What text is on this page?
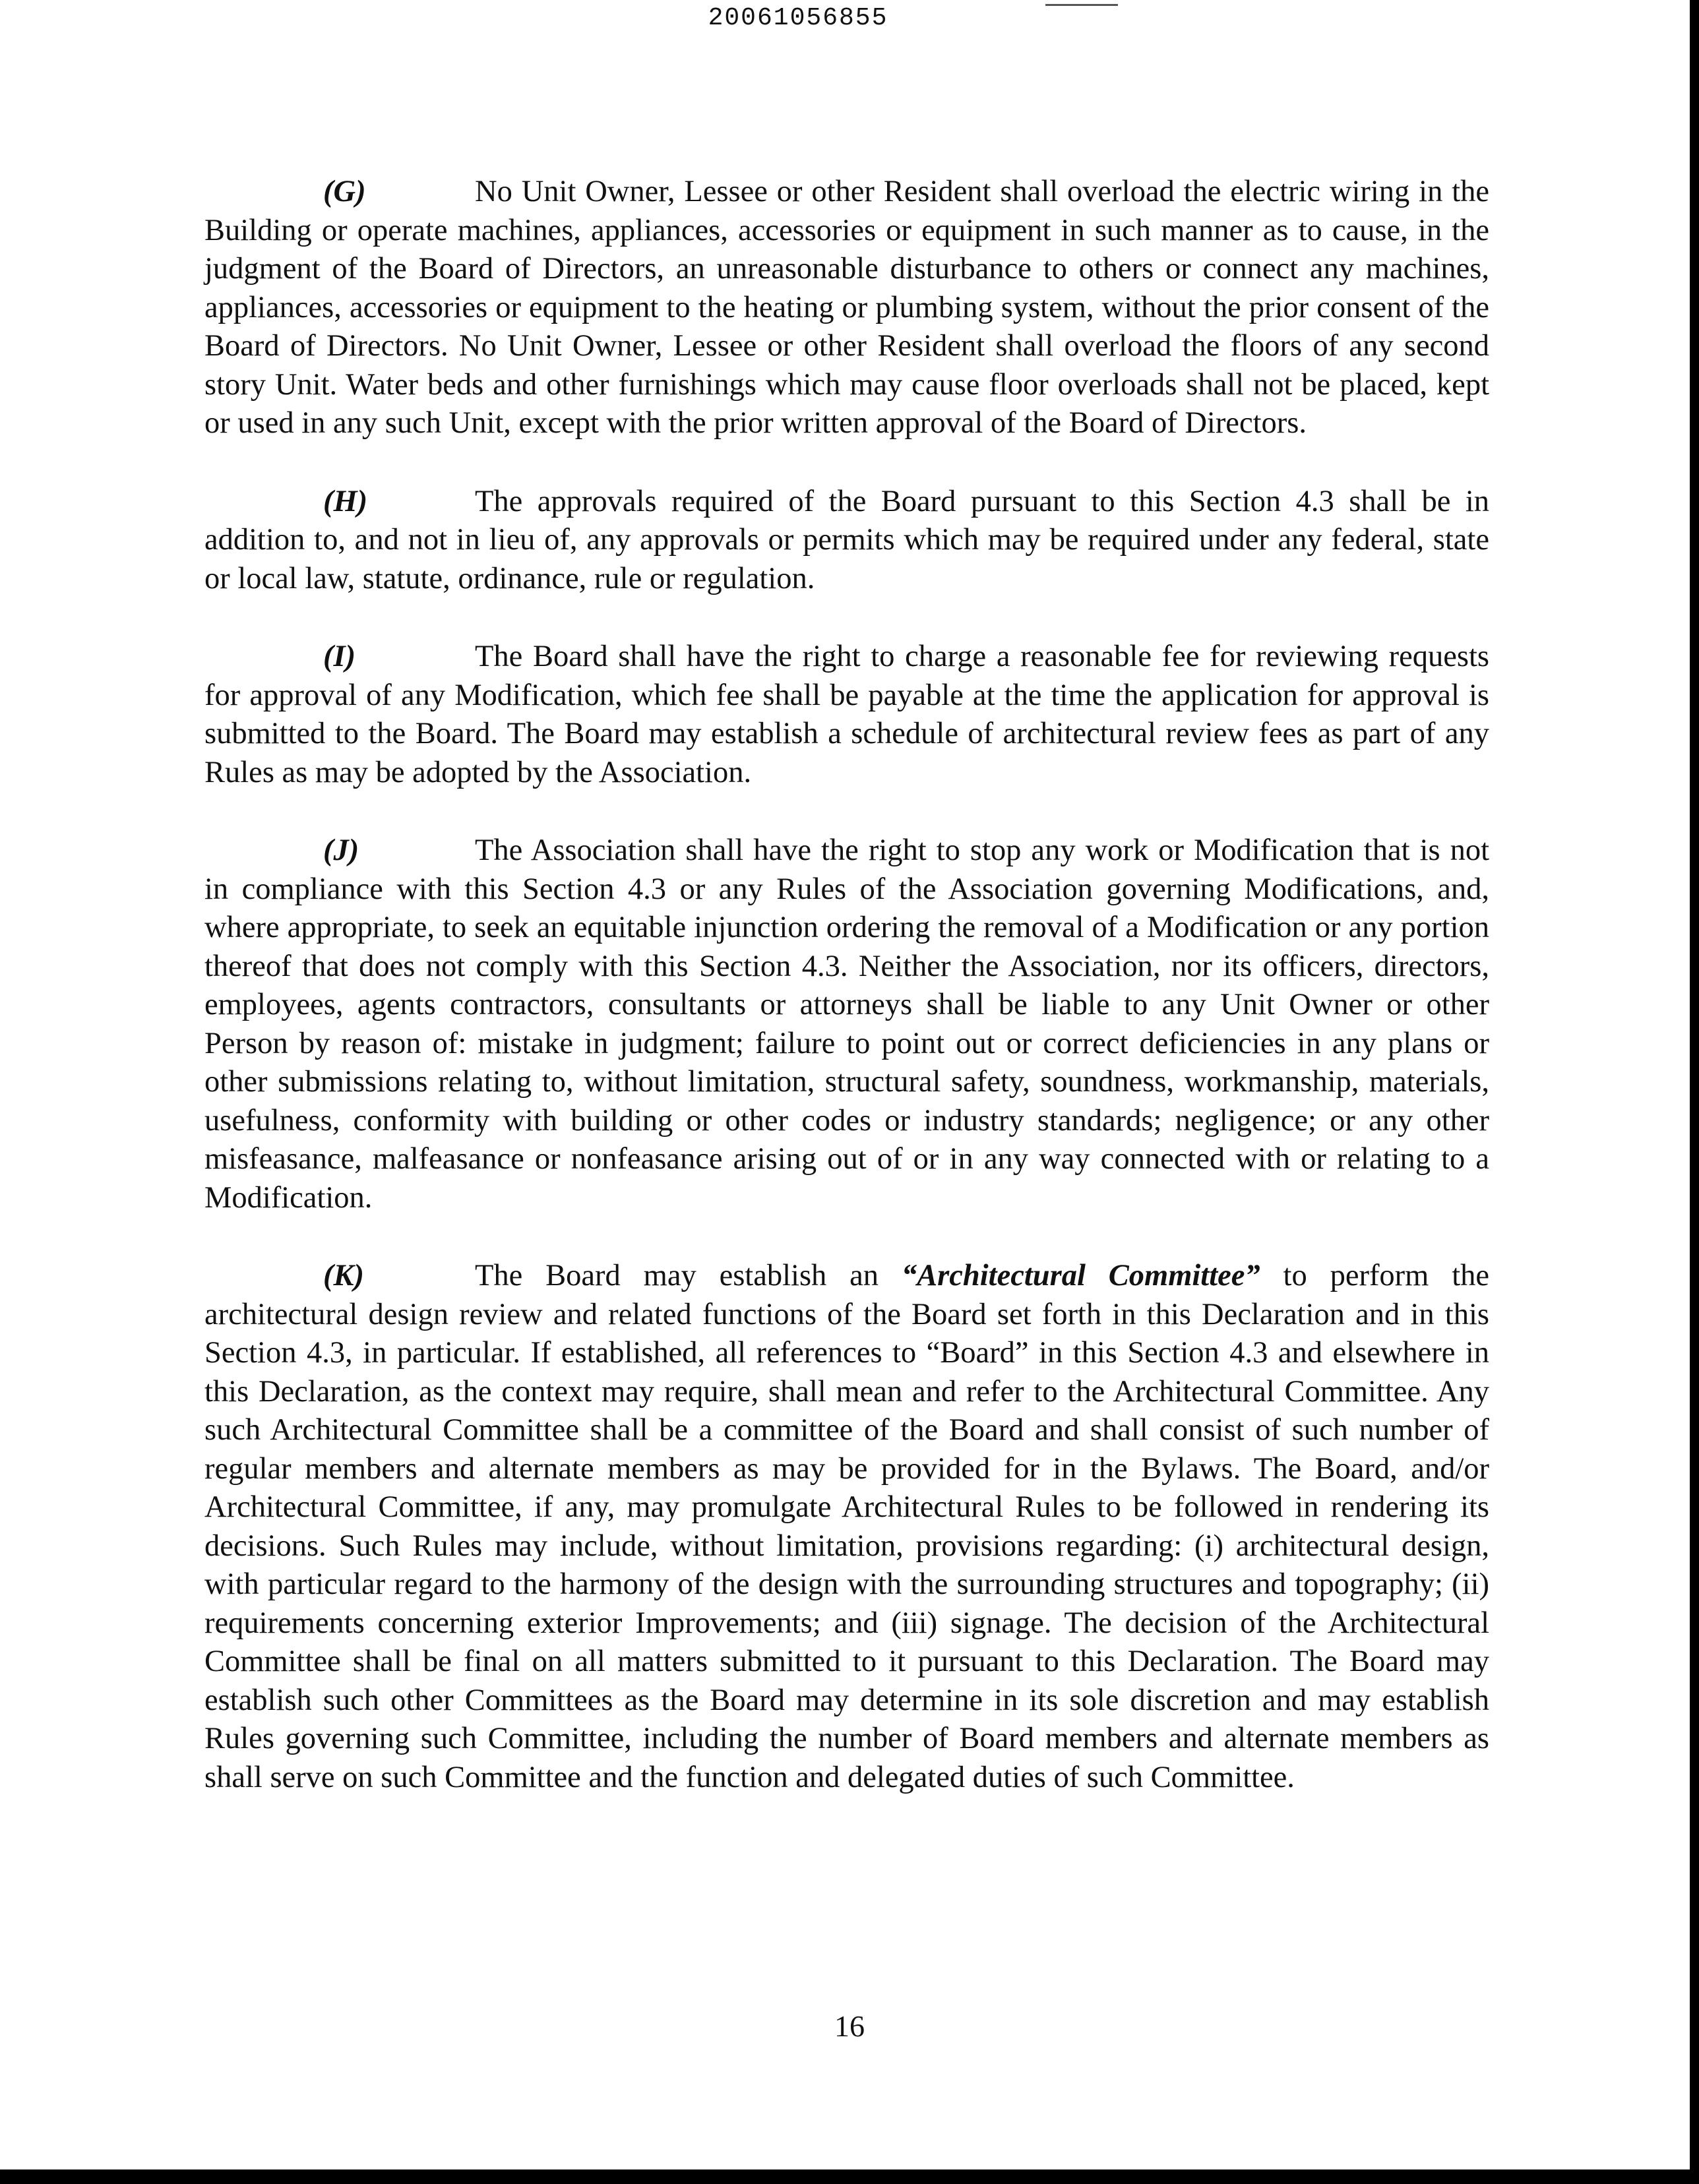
20061056855

(G)	No Unit Owner, Lessee or other Resident shall overload the electric wiring in the Building or operate machines, appliances, accessories or equipment in such manner as to cause, in the judgment of the Board of Directors, an unreasonable disturbance to others or connect any machines, appliances, accessories or equipment to the heating or plumbing system, without the prior consent of the Board of Directors. No Unit Owner, Lessee or other Resident shall overload the floors of any second story Unit. Water beds and other furnishings which may cause floor overloads shall not be placed, kept or used in any such Unit, except with the prior written approval of the Board of Directors.

(H)	The approvals required of the Board pursuant to this Section 4.3 shall be in addition to, and not in lieu of, any approvals or permits which may be required under any federal, state or local law, statute, ordinance, rule or regulation.

(I)	The Board shall have the right to charge a reasonable fee for reviewing requests for approval of any Modification, which fee shall be payable at the time the application for approval is submitted to the Board. The Board may establish a schedule of architectural review fees as part of any Rules as may be adopted by the Association.

(J)	The Association shall have the right to stop any work or Modification that is not in compliance with this Section 4.3 or any Rules of the Association governing Modifications, and, where appropriate, to seek an equitable injunction ordering the removal of a Modification or any portion thereof that does not comply with this Section 4.3. Neither the Association, nor its officers, directors, employees, agents contractors, consultants or attorneys shall be liable to any Unit Owner or other Person by reason of: mistake in judgment; failure to point out or correct deficiencies in any plans or other submissions relating to, without limitation, structural safety, soundness, workmanship, materials, usefulness, conformity with building or other codes or industry standards; negligence; or any other misfeasance, malfeasance or nonfeasance arising out of or in any way connected with or relating to a Modification.

(K)	The Board may establish an “Architectural Committee” to perform the architectural design review and related functions of the Board set forth in this Declaration and in this Section 4.3, in particular. If established, all references to “Board” in this Section 4.3 and elsewhere in this Declaration, as the context may require, shall mean and refer to the Architectural Committee. Any such Architectural Committee shall be a committee of the Board and shall consist of such number of regular members and alternate members as may be provided for in the Bylaws. The Board, and/or Architectural Committee, if any, may promulgate Architectural Rules to be followed in rendering its decisions. Such Rules may include, without limitation, provisions regarding: (i) architectural design, with particular regard to the harmony of the design with the surrounding structures and topography; (ii) requirements concerning exterior Improvements; and (iii) signage. The decision of the Architectural Committee shall be final on all matters submitted to it pursuant to this Declaration. The Board may establish such other Committees as the Board may determine in its sole discretion and may establish Rules governing such Committee, including the number of Board members and alternate members as shall serve on such Committee and the function and delegated duties of such Committee.

16
